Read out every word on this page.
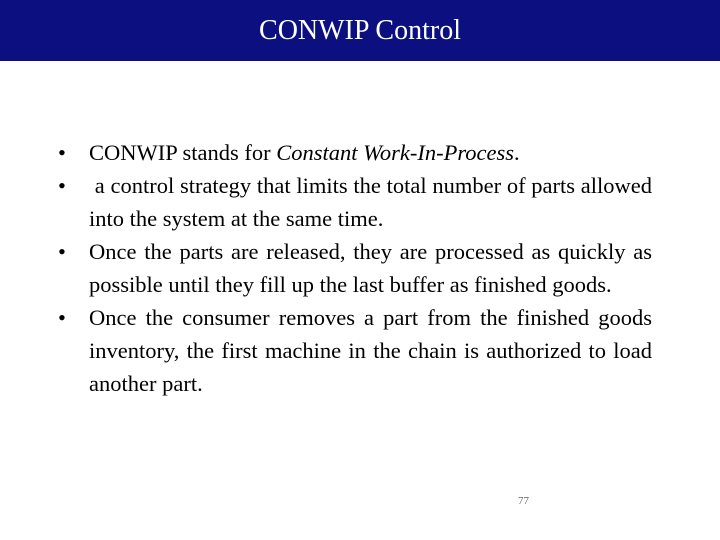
CONWIP Control
•	CONWIP stands for Constant Work-In-Process.
•	a control strategy that limits the total number of parts allowed into the system at the same time.
•	Once the parts are released, they are processed as quickly as possible until they fill up the last buffer as finished goods.
•	Once the consumer removes a part from the finished goods inventory, the first machine in the chain is authorized to load another part.
77
